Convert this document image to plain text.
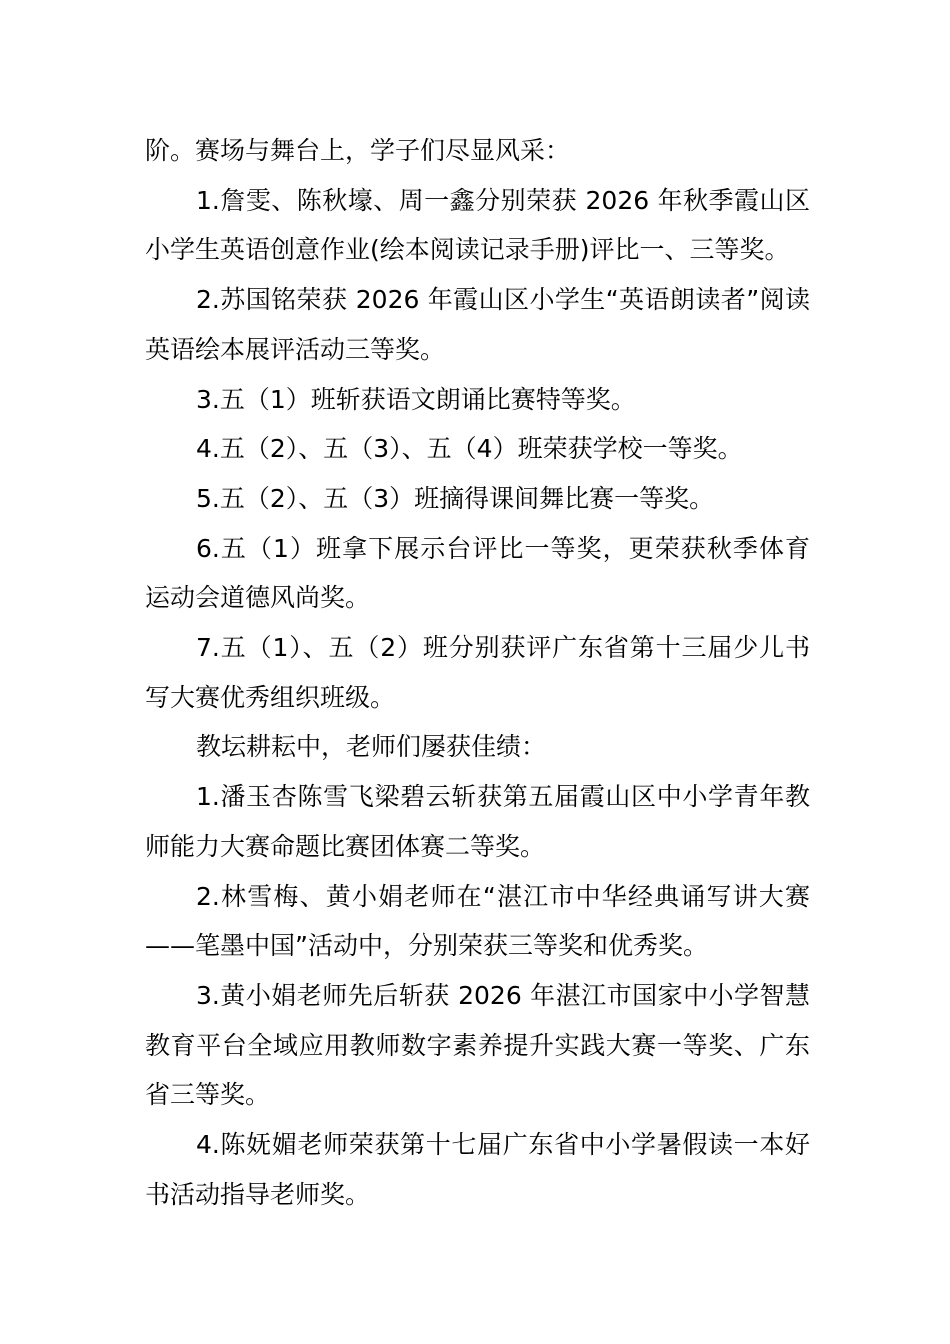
阶。赛场与舞台上，学子们尽显风采：

1.詹雯、陈秋壕、周一鑫分别荣获 2026 年秋季霞山区小学生英语创意作业(绘本阅读记录手册)评比一、三等奖。

2.苏国铭荣获 2026 年霞山区小学生“英语朗读者”阅读英语绘本展评活动三等奖。

3.五（1）班斩获语文朗诵比赛特等奖。

4.五（2）、五（3）、五（4）班荣获学校一等奖。

5.五（2）、五（3）班摘得课间舞比赛一等奖。

6.五（1）班拿下展示台评比一等奖，更荣获秋季体育运动会道德风尚奖。

7.五（1）、五（2）班分别获评广东省第十三届少儿书写大赛优秀组织班级。

教坛耕耘中，老师们屡获佳绩：

1.潘玉杏陈雪飞梁碧云斩获第五届霞山区中小学青年教师能力大赛命题比赛团体赛二等奖。

2.林雪梅、黄小娟老师在“湛江市中华经典诵写讲大赛——笔墨中国”活动中，分别荣获三等奖和优秀奖。

3.黄小娟老师先后斩获 2026 年湛江市国家中小学智慧教育平台全域应用教师数字素养提升实践大赛一等奖、广东省三等奖。

4.陈妩媚老师荣获第十七届广东省中小学暑假读一本好书活动指导老师奖。
